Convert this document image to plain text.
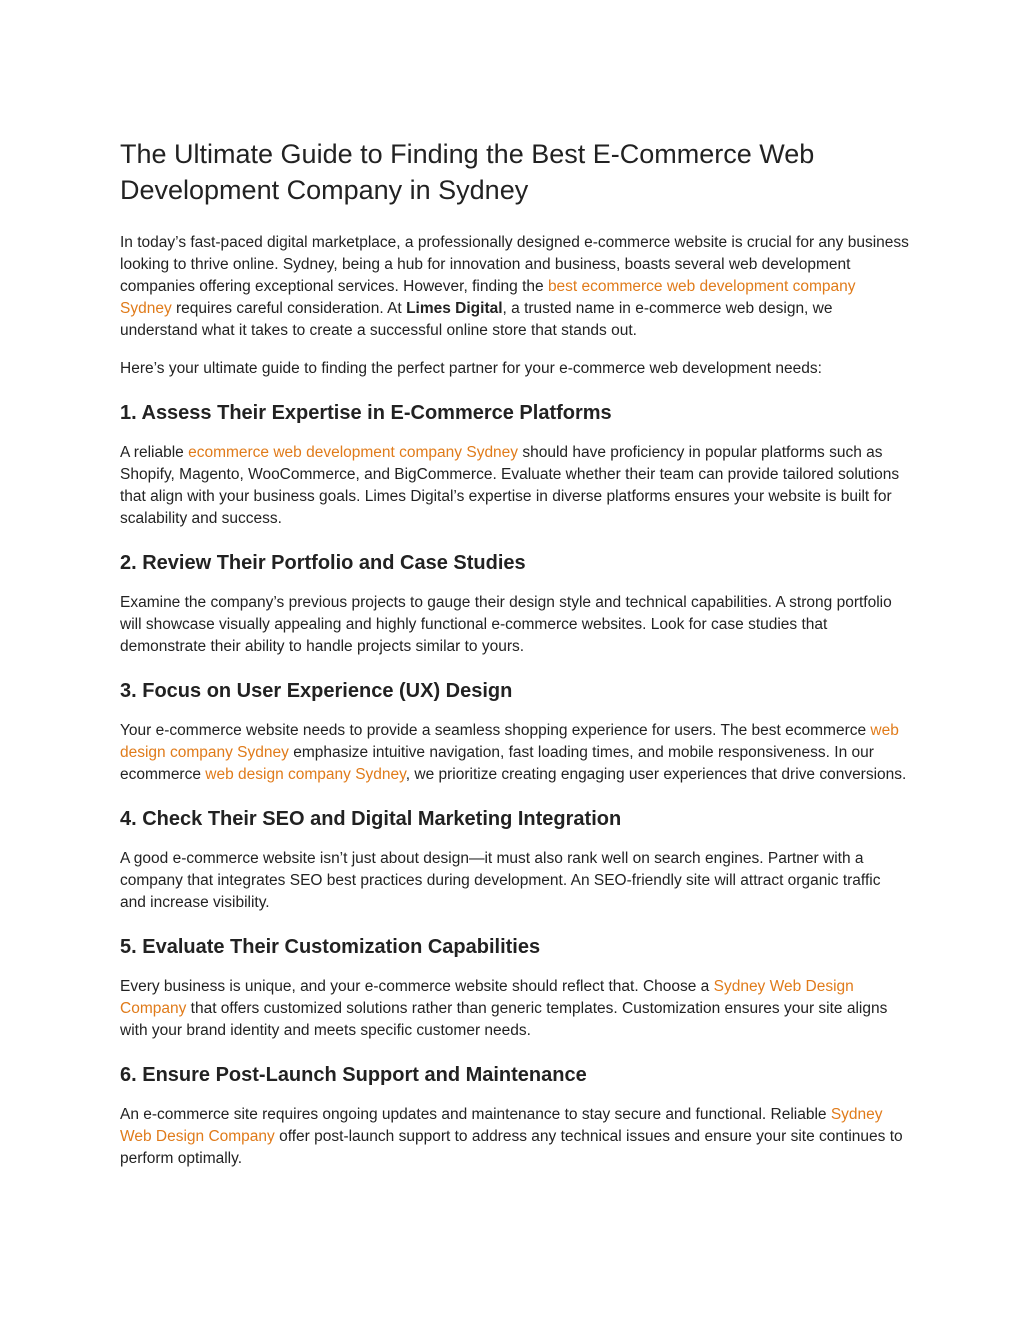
The Ultimate Guide to Finding the Best E-Commerce Web Development Company in Sydney

In today’s fast-paced digital marketplace, a professionally designed e-commerce website is crucial for any business looking to thrive online. Sydney, being a hub for innovation and business, boasts several web development companies offering exceptional services. However, finding the best ecommerce web development company Sydney requires careful consideration. At Limes Digital, a trusted name in e-commerce web design, we understand what it takes to create a successful online store that stands out.

Here’s your ultimate guide to finding the perfect partner for your e-commerce web development needs:

1. Assess Their Expertise in E-Commerce Platforms

A reliable ecommerce web development company Sydney should have proficiency in popular platforms such as Shopify, Magento, WooCommerce, and BigCommerce. Evaluate whether their team can provide tailored solutions that align with your business goals. Limes Digital’s expertise in diverse platforms ensures your website is built for scalability and success.

2. Review Their Portfolio and Case Studies

Examine the company’s previous projects to gauge their design style and technical capabilities. A strong portfolio will showcase visually appealing and highly functional e-commerce websites. Look for case studies that demonstrate their ability to handle projects similar to yours.

3. Focus on User Experience (UX) Design

Your e-commerce website needs to provide a seamless shopping experience for users. The best ecommerce web design company Sydney emphasize intuitive navigation, fast loading times, and mobile responsiveness. In our ecommerce web design company Sydney, we prioritize creating engaging user experiences that drive conversions.

4. Check Their SEO and Digital Marketing Integration

A good e-commerce website isn’t just about design—it must also rank well on search engines. Partner with a company that integrates SEO best practices during development. An SEO-friendly site will attract organic traffic and increase visibility.

5. Evaluate Their Customization Capabilities

Every business is unique, and your e-commerce website should reflect that. Choose a Sydney Web Design Company that offers customized solutions rather than generic templates. Customization ensures your site aligns with your brand identity and meets specific customer needs.

6. Ensure Post-Launch Support and Maintenance

An e-commerce site requires ongoing updates and maintenance to stay secure and functional. Reliable Sydney Web Design Company offer post-launch support to address any technical issues and ensure your site continues to perform optimally.
